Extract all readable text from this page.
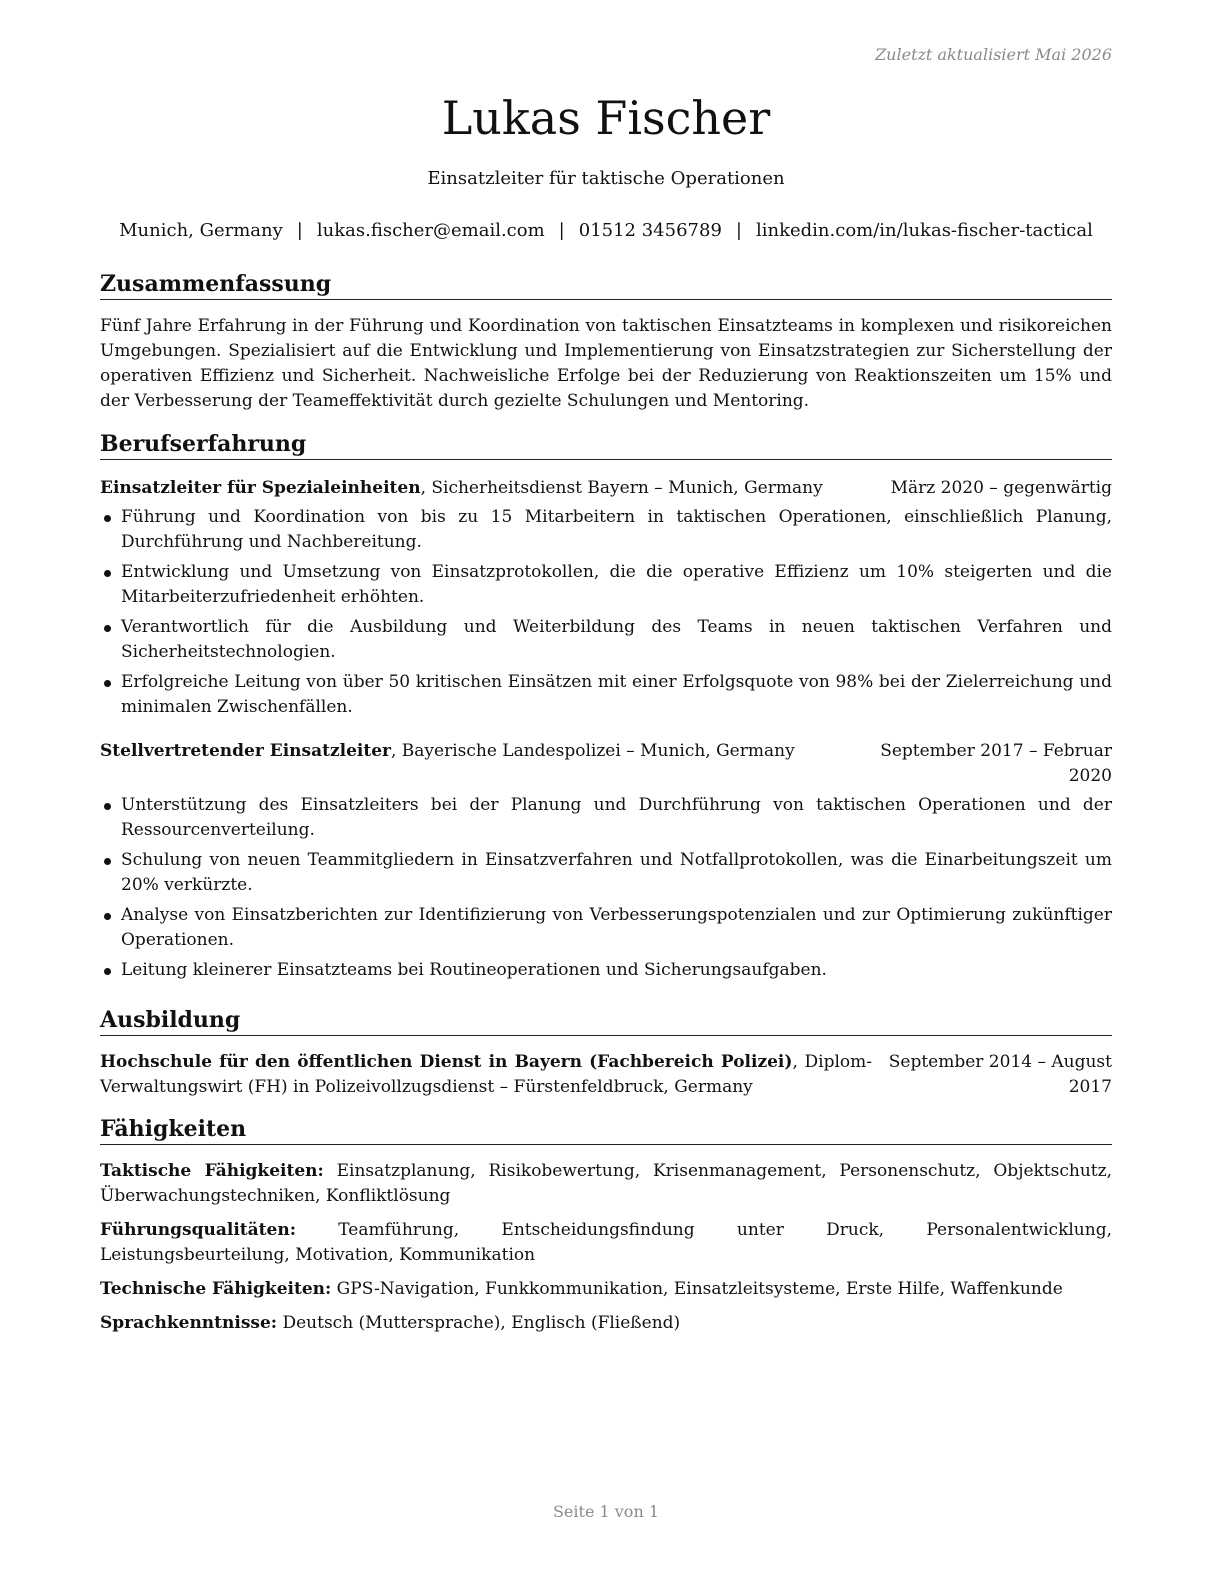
Zuletzt aktualisiert Mai 2026
Lukas Fischer
Einsatzleiter für taktische Operationen
Munich, Germany | lukas.fischer@email.com | 01512 3456789 | linkedin.com/in/lukas-fischer-tactical
Zusammenfassung

Fünf Jahre Erfahrung in der Führung und Koordination von taktischen Einsatzteams in komplexen und risikoreichen Umgebungen. Spezialisiert auf die Entwicklung und Implementierung von Einsatzstrategien zur Sicherstellung der operativen Effizienz und Sicherheit. Nachweisliche Erfolge bei der Reduzierung von Reaktionszeiten um 15% und der Verbesserung der Teameffektivität durch gezielte Schulungen und Mentoring.

Berufserfahrung
Einsatzleiter für Spezialeinheiten, Sicherheitsdienst Bayern – Munich, Germany	März 2020 – gegenwärtig
Führung und Koordination von bis zu 15 Mitarbeitern in taktischen Operationen, einschließlich Planung, Durchführung und Nachbereitung.
Entwicklung und Umsetzung von Einsatzprotokollen, die die operative Effizienz um 10% steigerten und die Mitarbeiterzufriedenheit erhöhten.
Verantwortlich für die Ausbildung und Weiterbildung des Teams in neuen taktischen Verfahren und Sicherheitstechnologien.
Erfolgreiche Leitung von über 50 kritischen Einsätzen mit einer Erfolgsquote von 98% bei der Zielerreichung und minimalen Zwischenfällen.
Stellvertretender Einsatzleiter, Bayerische Landespolizei – Munich, Germany	September 2017 – Februar 2020
Unterstützung des Einsatzleiters bei der Planung und Durchführung von taktischen Operationen und der Ressourcenverteilung.
Schulung von neuen Teammitgliedern in Einsatzverfahren und Notfallprotokollen, was die Einarbeitungszeit um 20% verkürzte.
Analyse von Einsatzberichten zur Identifizierung von Verbesserungspotenzialen und zur Optimierung zukünftiger Operationen.
Leitung kleinerer Einsatzteams bei Routineoperationen und Sicherungsaufgaben.
Ausbildung
Hochschule für den öffentlichen Dienst in Bayern (Fachbereich Polizei), Diplom-Verwaltungswirt (FH) in Polizeivollzugsdienst – Fürstenfeldbruck, Germany
September 2014 – August 2017
Fähigkeiten

Taktische Fähigkeiten: Einsatzplanung, Risikobewertung, Krisenmanagement, Personenschutz, Objektschutz, Überwachungstechniken, Konfliktlösung

Führungsqualitäten: Teamführung, Entscheidungsfindung unter Druck, Personalentwicklung, Leistungsbeurteilung, Motivation, Kommunikation

Technische Fähigkeiten: GPS-Navigation, Funkkommunikation, Einsatzleitsysteme, Erste Hilfe, Waffenkunde

Sprachkenntnisse: Deutsch (Muttersprache), Englisch (Fließend)

Seite 1 von 1
